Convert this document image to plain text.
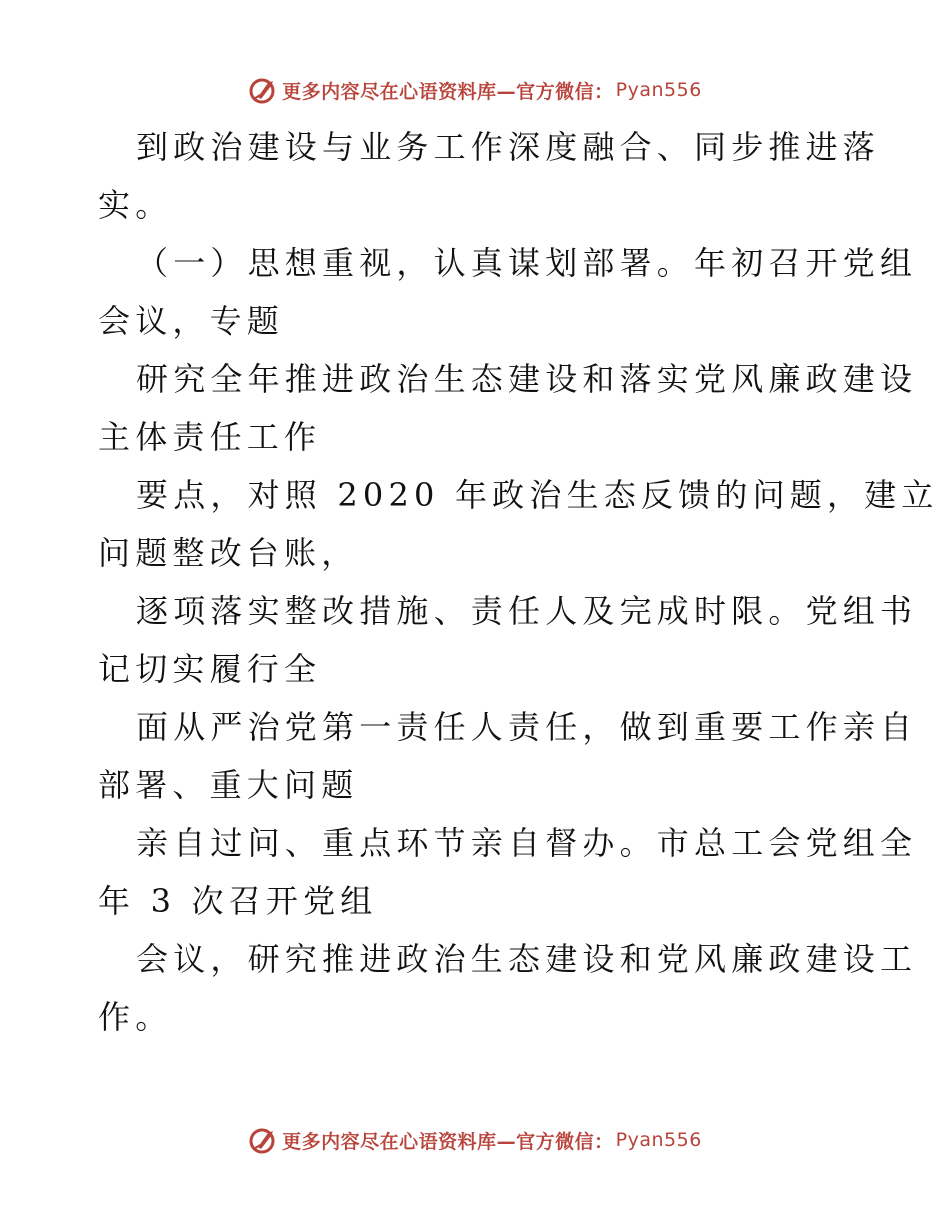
更多内容尽在心语资料库—官方微信： Pyan556
到政治建设与业务工作深度融合、同步推进落
实。
（一）思想重视，认真谋划部署。年初召开党组
会议，专题
研究全年推进政治生态建设和落实党风廉政建设
主体责任工作
要点，对照 2020 年政治生态反馈的问题，建立
问题整改台账，
逐项落实整改措施、责任人及完成时限。党组书
记切实履行全
面从严治党第一责任人责任，做到重要工作亲自
部署、重大问题
亲自过问、重点环节亲自督办。市总工会党组全
年 3 次召开党组
会议，研究推进政治生态建设和党风廉政建设工
作。
更多内容尽在心语资料库—官方微信： Pyan556
